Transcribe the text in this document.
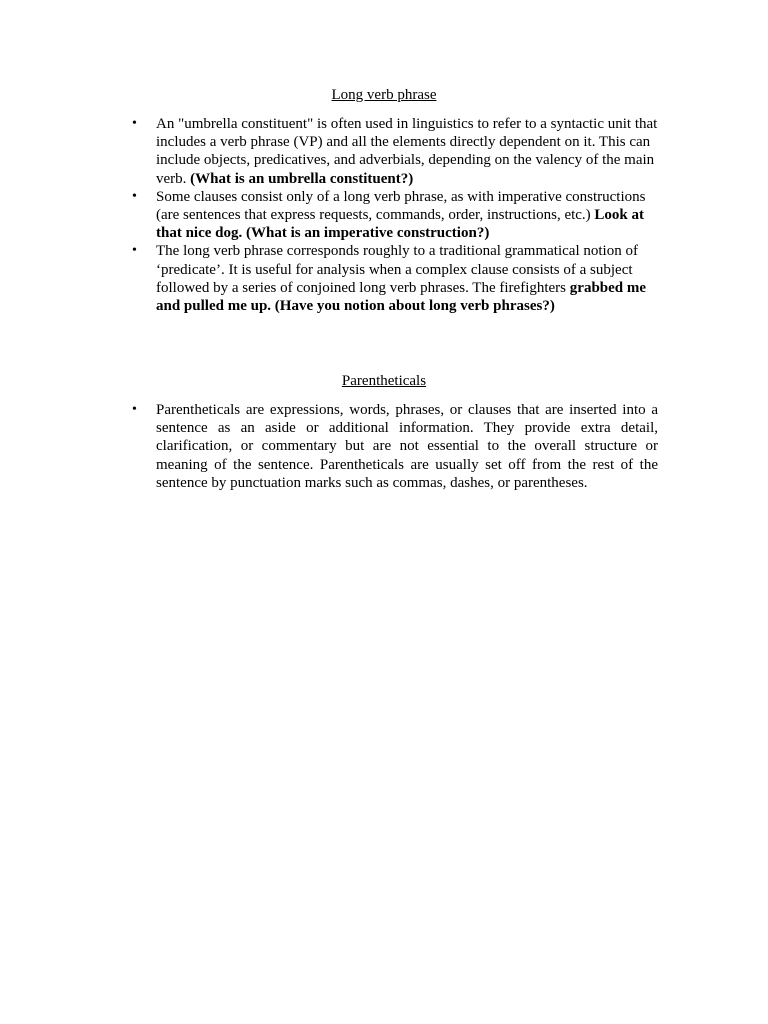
Long verb phrase
•	An "umbrella constituent" is often used in linguistics to refer to a syntactic unit that includes a verb phrase (VP) and all the elements directly dependent on it. This can include objects, predicatives, and adverbials, depending on the valency of the main verb. (What is an umbrella constituent?)
•	Some clauses consist only of a long verb phrase, as with imperative constructions (are sentences that express requests, commands, order, instructions, etc.) Look at that nice dog. (What is an imperative construction?)
•	The long verb phrase corresponds roughly to a traditional grammatical notion of ‘predicate’. It is useful for analysis when a complex clause consists of a subject followed by a series of conjoined long verb phrases. The firefighters grabbed me and pulled me up. (Have you notion about long verb phrases?)
Parentheticals
•	Parentheticals are expressions, words, phrases, or clauses that are inserted into a sentence as an aside or additional information. They provide extra detail, clarification, or commentary but are not essential to the overall structure or meaning of the sentence. Parentheticals are usually set off from the rest of the sentence by punctuation marks such as commas, dashes, or parentheses.
